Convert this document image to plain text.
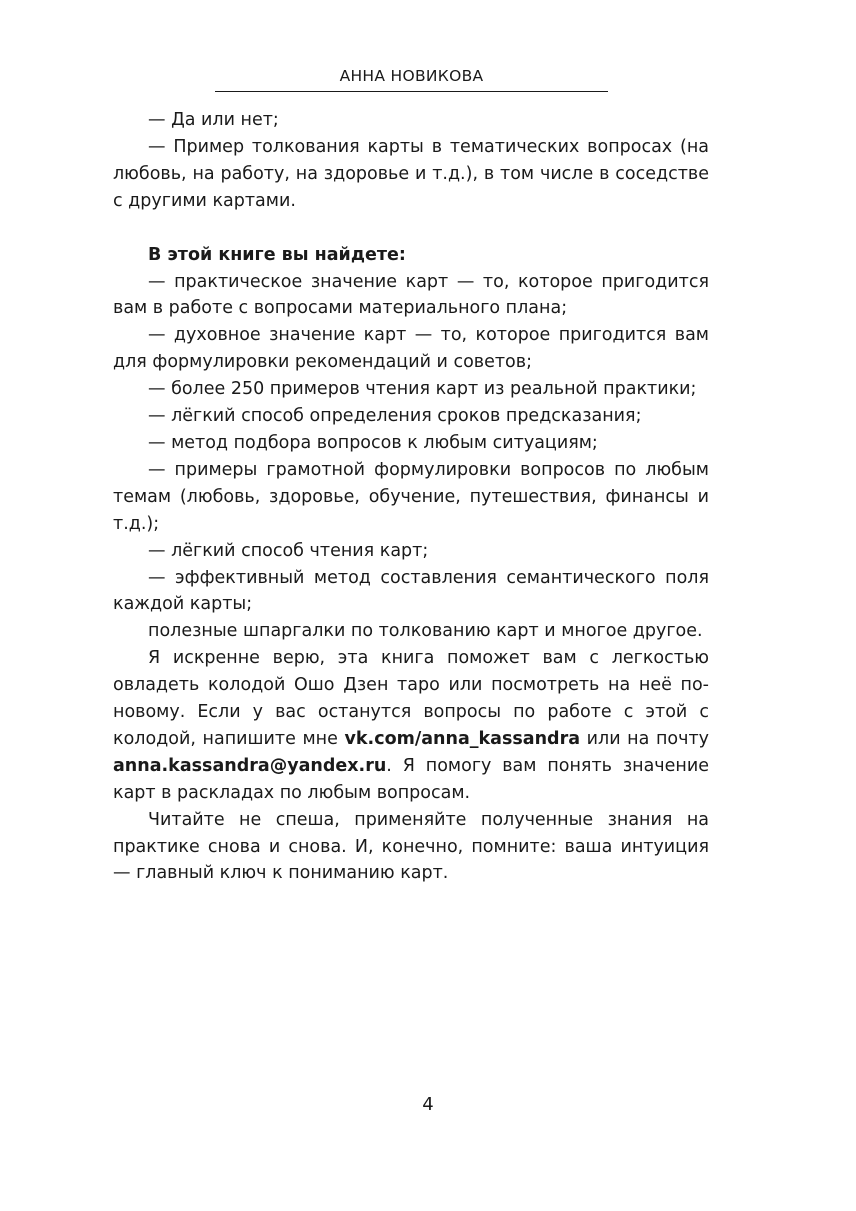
АННА НОВИКОВА

— Да или нет;

— Пример толкования карты в тематических вопросах (на любовь, на работу, на здоровье и т.д.), в том числе в соседстве с другими картами.

В этой книге вы найдете:

— практическое значение карт — то, которое пригодится вам в работе с вопросами материального плана;

— духовное значение карт — то, которое пригодится вам для формулировки рекомендаций и советов;

— более 250 примеров чтения карт из реальной практики;

— лёгкий способ определения сроков предсказания;

— метод подбора вопросов к любым ситуациям;

— примеры грамотной формулировки вопросов по любым темам (любовь, здоровье, обучение, путешествия, финансы и т.д.);

— лёгкий способ чтения карт;

— эффективный метод составления семантического поля каждой карты;

полезные шпаргалки по толкованию карт и многое другое.

Я искренне верю, эта книга поможет вам с легкостью овладеть колодой Ошо Дзен таро или посмотреть на неё по-новому. Если у вас останутся вопросы по работе с этой с колодой, напишите мне vk.com/anna_kassandra или на почту anna.kassandra@yandex.ru. Я помогу вам понять значение карт в раскладах по любым вопросам.

Читайте не спеша, применяйте полученные знания на практике снова и снова. И, конечно, помните: ваша интуиция — главный ключ к пониманию карт.

4
